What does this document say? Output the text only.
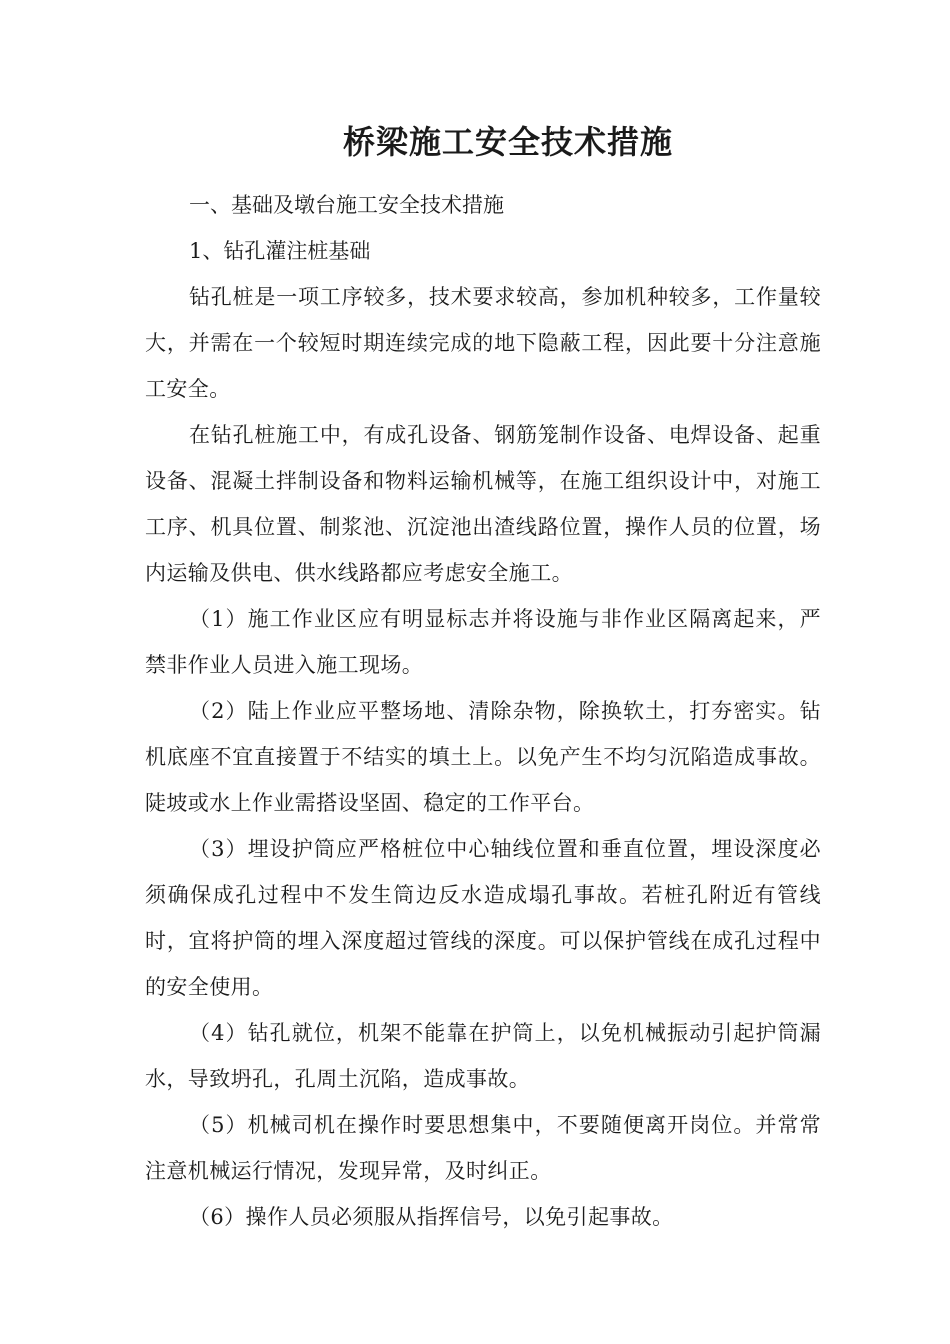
桥梁施工安全技术措施

一、基础及墩台施工安全技术措施

1、钻孔灌注桩基础

钻孔桩是一项工序较多，技术要求较高，参加机种较多，工作量较大，并需在一个较短时期连续完成的地下隐蔽工程，因此要十分注意施工安全。

在钻孔桩施工中，有成孔设备、钢筋笼制作设备、电焊设备、起重设备、混凝土拌制设备和物料运输机械等，在施工组织设计中，对施工工序、机具位置、制浆池、沉淀池出渣线路位置，操作人员的位置，场内运输及供电、供水线路都应考虑安全施工。

（1）施工作业区应有明显标志并将设施与非作业区隔离起来，严禁非作业人员进入施工现场。

（2）陆上作业应平整场地、清除杂物，除换软土，打夯密实。钻机底座不宜直接置于不结实的填土上。以免产生不均匀沉陷造成事故。陡坡或水上作业需搭设坚固、稳定的工作平台。

（3）埋设护筒应严格桩位中心轴线位置和垂直位置，埋设深度必须确保成孔过程中不发生筒边反水造成塌孔事故。若桩孔附近有管线时，宜将护筒的埋入深度超过管线的深度。可以保护管线在成孔过程中的安全使用。

（4）钻孔就位，机架不能靠在护筒上，以免机械振动引起护筒漏水，导致坍孔，孔周土沉陷，造成事故。

（5）机械司机在操作时要思想集中，不要随便离开岗位。并常常注意机械运行情况，发现异常，及时纠正。

（6）操作人员必须服从指挥信号，以免引起事故。
